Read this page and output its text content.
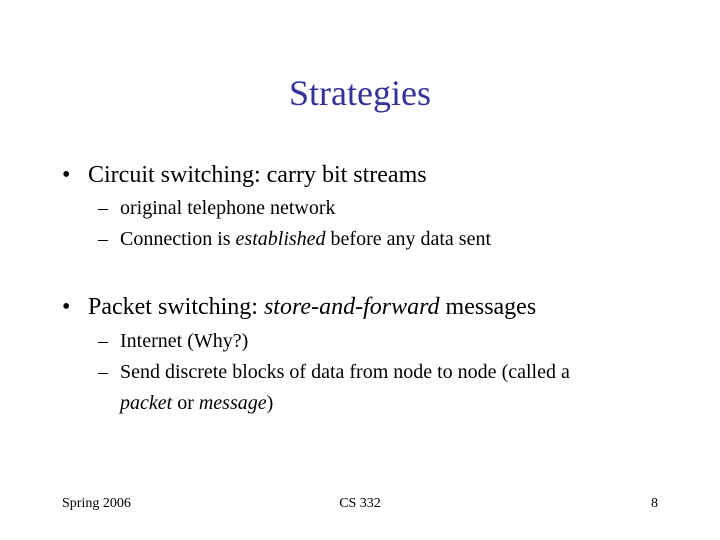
Strategies
• Circuit switching: carry bit streams
– original telephone network
– Connection is established before any data sent
• Packet switching: store-and-forward messages
– Internet (Why?)
– Send discrete blocks of data from node to node (called a
packet or message)
Spring 2006	CS 332	8
